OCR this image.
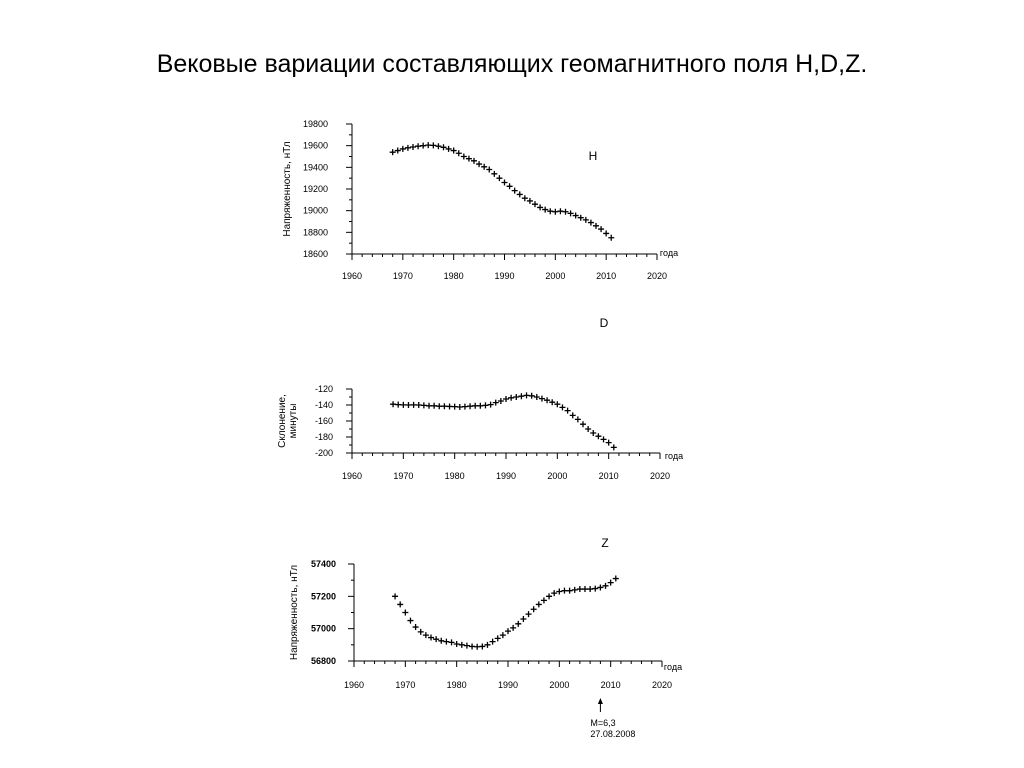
Вековые вариации составляющих геомагнитного поля H,D,Z.
1960	1970	1980	1990	2000	2010	2020
18600
18800
19000
19200
19400
19600
19800
Напряженность, нТл
года
H
1960	1970	1980	1990	2000	2010	2020
-120
-140
-160
-180
-200
Склонение,минуты
года
D
1960	1970	1980	1990	2000	2010	2020
56800
57000
57200
57400
Напряженность, нТл
года
Z
M=6,3
27.08.2008
